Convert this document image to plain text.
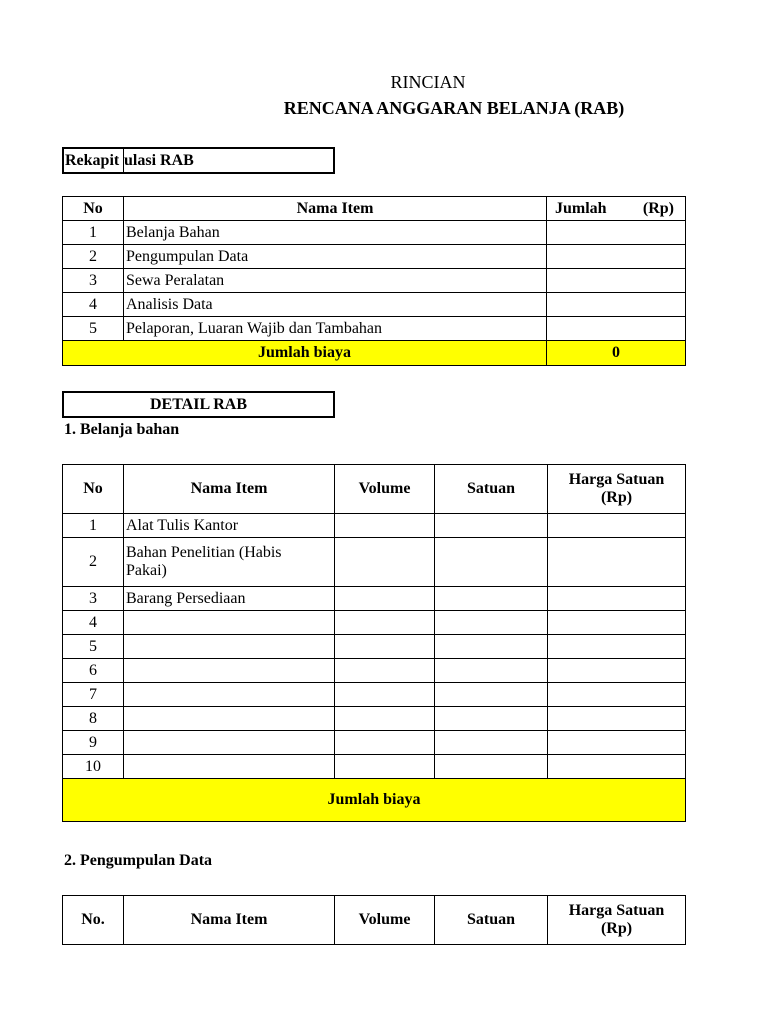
RINCIAN
RENCANA ANGGARAN BELANJA (RAB)
Rekapit ulasi RAB
No	Nama Item	Jumlah (Rp)

1	Belanja Bahan	
2	Pengumpulan Data	
3	Sewa Peralatan	
4	Analisis Data	
5	Pelaporan, Luaran Wajib dan Tambahan	
Jumlah biaya		0
DETAIL RAB
1. Belanja bahan
No	Nama Item	Volume	Satuan	Harga Satuan
(Rp)

1	Alat Tulis Kantor			
2	Bahan Penelitian (Habis
Pakai)			

3	Barang Persediaan			
4				
5				
6				
7				
8				
9				
10				
Jumlah biaya				
2. Pengumpulan Data
No.	Nama Item	Volume	Satuan	
Harga Satuan
(Rp)
